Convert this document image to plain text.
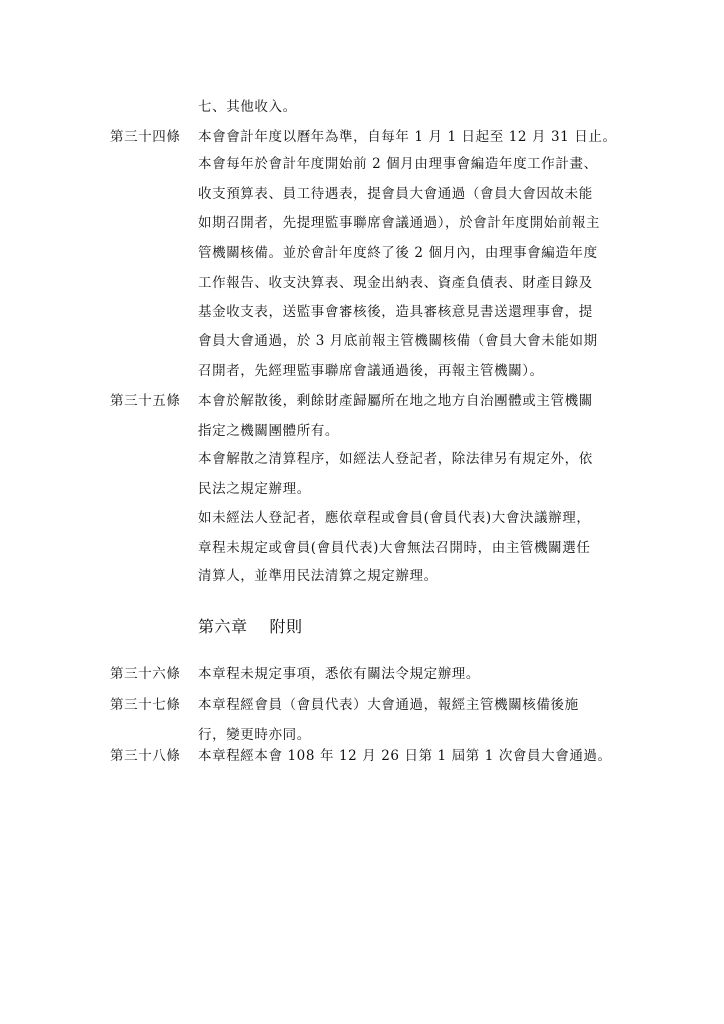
七、其他收入。
第三十四條 本會會計年度以曆年為準，自每年 1 月 1 日起至 12 月 31 日止。
本會每年於會計年度開始前 2 個月由理事會編造年度工作計畫、
收支預算表、員工待遇表，提會員大會通過（會員大會因故未能
如期召開者，先提理監事聯席會議通過），於會計年度開始前報主
管機關核備。並於會計年度終了後 2 個月內，由理事會編造年度
工作報告、收支決算表、現金出納表、資產負債表、財產目錄及
基金收支表，送監事會審核後，造具審核意見書送還理事會，提
會員大會通過，於 3 月底前報主管機關核備（會員大會未能如期
召開者，先經理監事聯席會議通過後，再報主管機關）。
第三十五條 本會於解散後，剩餘財產歸屬所在地之地方自治團體或主管機關
指定之機關團體所有。
本會解散之清算程序，如經法人登記者，除法律另有規定外，依
民法之規定辦理。
如未經法人登記者，應依章程或會員(會員代表)大會決議辦理，
章程未規定或會員(會員代表)大會無法召開時，由主管機關選任
清算人，並準用民法清算之規定辦理。
第六章 附則
第三十六條 本章程未規定事項，悉依有關法令規定辦理。
第三十七條 本章程經會員（會員代表）大會通過，報經主管機關核備後施
行，變更時亦同。
第三十八條 本章程經本會 108 年 12 月 26 日第 1 屆第 1 次會員大會通過。
